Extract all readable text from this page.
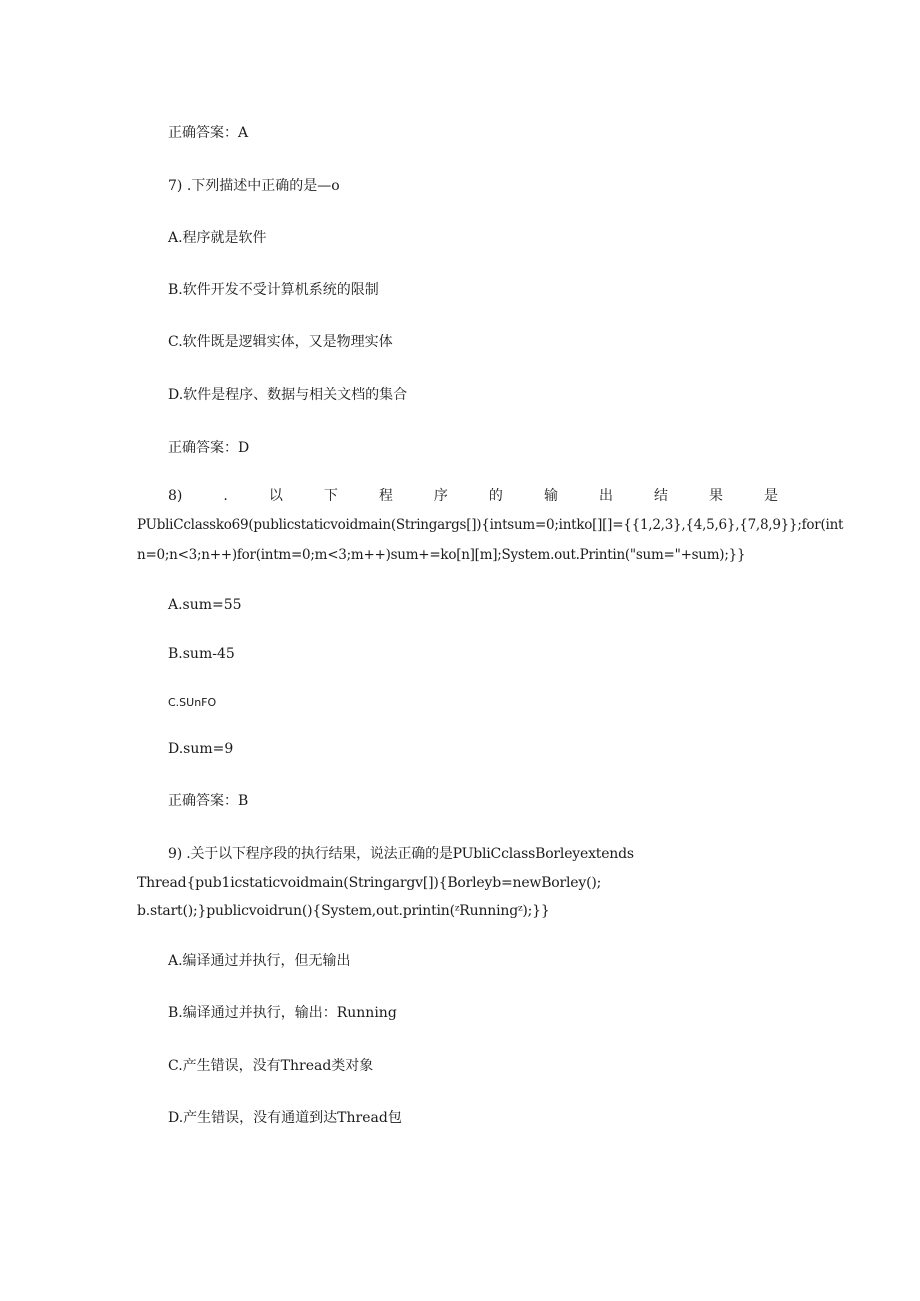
正确答案：A
7) .下列描述中正确的是—o
A.程序就是软件
B.软件开发不受计算机系统的限制
C.软件既是逻辑实体，又是物理实体
D.软件是程序、数据与相关文档的集合
正确答案：D
8)	.	以	下	程	序	的	输	出	结	果	是
PUbliCclassko69(publicstaticvoidmain(Stringargs[]){intsum=0;intko[][]={{1,2,3},{4,5,6},{7,8,9}};for(int
n=0;n<3;n++)for(intm=0;m<3;m++)sum+=ko[n][m];System.out.Printin("sum="+sum);}}
A.sum=55
B.sum-45
C.SUnFO
D.sum=9
正确答案：B
9) .关于以下程序段的执行结果，说法正确的是PUbliCclassBorleyextends
Thread{pub1icstaticvoidmain(Stringargv[]){Borleyb=newBorley();
b.start();}publicvoidrun(){System,out.printin(ᶻRunningᶻ);}}
A.编译通过并执行，但无输出
B.编译通过并执行，输出：Running
C.产生错误，没有Thread类对象
D.产生错误，没有通道到达Thread包
